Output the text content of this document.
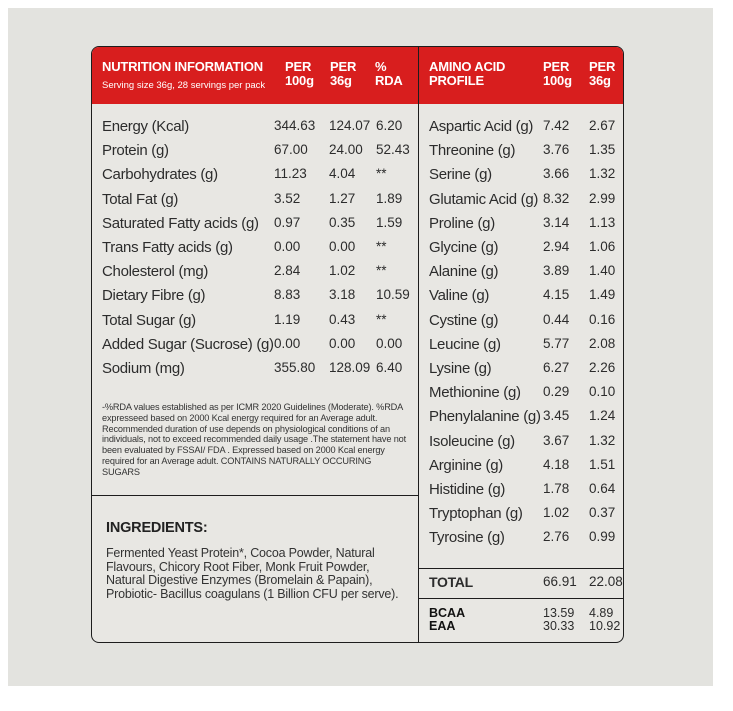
NUTRITION INFORMATION
Serving size 36g, 28 servings per pack
PER
100g
PER
36g
%
RDA
Energy (Kcal)	344.63 124.07 6.20
Protein (g)	67.00 24.00 52.43
Carbohydrates (g)	11.23 4.04 **
Total Fat (g)	3.52 1.27 1.89
Saturated Fatty acids (g) 0.97 0.35 1.59
Trans Fatty acids (g)	0.00 0.00 **
Cholesterol (mg)	2.84 1.02 **
Dietary Fibre (g)	8.83 3.18 10.59
Total Sugar (g)	1.19 0.43 **
Added Sugar (Sucrose) (g) 0.00 0.00 0.00
Sodium (mg)	355.80 128.09 6.40
-%RDA values established as per ICMR 2020 Guidelines (Moderate). %RDA expresseed based on 2000 Kcal energy required for an Average adult. Recommended duration of use depends on physiological conditions of an individuals, not to exceed recommended daily usage .The statement have not been evaluated by FSSAI/ FDA . Expressed based on 2000 Kcal energy required for an Average adult. CONTAINS NATURALLY OCCURING SUGARS
INGREDIENTS:
Fermented Yeast Protein*, Cocoa Powder, Natural Flavours, Chicory Root Fiber, Monk Fruit Powder, Natural Digestive Enzymes (Bromelain & Papain), Probiotic- Bacillus coagulans (1 Billion CFU per serve).
AMINO ACID
PROFILE
PER
100g
PER
36g
Aspartic Acid (g) 7.42 2.67
Threonine (g) 3.76 1.35
Serine (g)	3.66 1.32
Glutamic Acid (g) 8.32 2.99
Proline (g)	3.14 1.13
Glycine (g)	2.94 1.06
Alanine (g)	3.89 1.40
Valine (g)	4.15 1.49
Cystine (g)	0.44 0.16
Leucine (g)	5.77 2.08
Lysine (g)	6.27 2.26
Methionine (g) 0.29 0.10
Phenylalanine (g) 3.45 1.24
Isoleucine (g) 3.67 1.32
Arginine (g)	4.18 1.51
Histidine (g)	1.78 0.64
Tryptophan (g) 1.02 0.37
Tyrosine (g)	2.76 0.99
TOTAL	66.91 22.08
BCAA	13.59 4.89
EAA	30.33 10.92
